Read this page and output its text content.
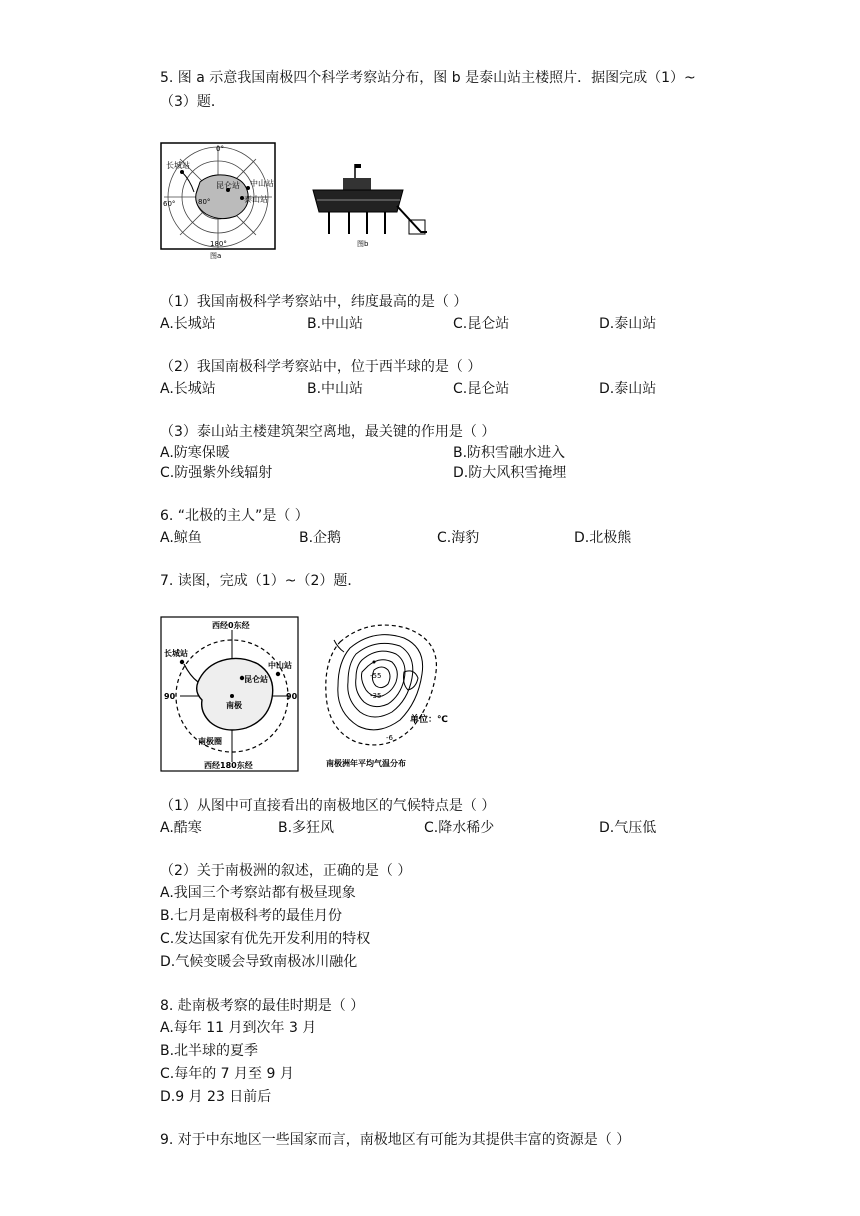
5. 图 a 示意我国南极四个科学考察站分布，图 b 是泰山站主楼照片．据图完成（1）~
（3）题．
长城站
中山站
昆仑站
泰山站
0°
60°	80°
180°
图a
图b
（1）我国南极科学考察站中，纬度最高的是（ ）
A.长城站	B.中山站	C.昆仑站	D.泰山站
（2）我国南极科学考察站中，位于西半球的是（ ）
A.长城站	B.中山站	C.昆仑站	D.泰山站
（3）泰山站主楼建筑架空离地，最关键的作用是（ ）
A.防寒保暖	B.防积雪融水进入
C.防强紫外线辐射	D.防大风积雪掩埋
6. “北极的主人”是（ ）
A.鲸鱼	B.企鹅	C.海豹	D.北极熊
7. 读图，完成（1）~（2）题．
西经0东经
长城站
中山站
昆仑站
南极
南极圈
90	90
西经180东经
-55
-35
-6
单位：℃
南极洲年平均气温分布
（1）从图中可直接看出的南极地区的气候特点是（ ）
A.酷寒	B.多狂风	C.降水稀少	D.气压低
（2）关于南极洲的叙述，正确的是（ ）
A.我国三个考察站都有极昼现象
B.七月是南极科考的最佳月份
C.发达国家有优先开发利用的特权
D.气候变暖会导致南极冰川融化
8. 赴南极考察的最佳时期是（ ）
A.每年 11 月到次年 3 月
B.北半球的夏季
C.每年的 7 月至 9 月
D.9 月 23 日前后
9. 对于中东地区一些国家而言，南极地区有可能为其提供丰富的资源是（ ）
